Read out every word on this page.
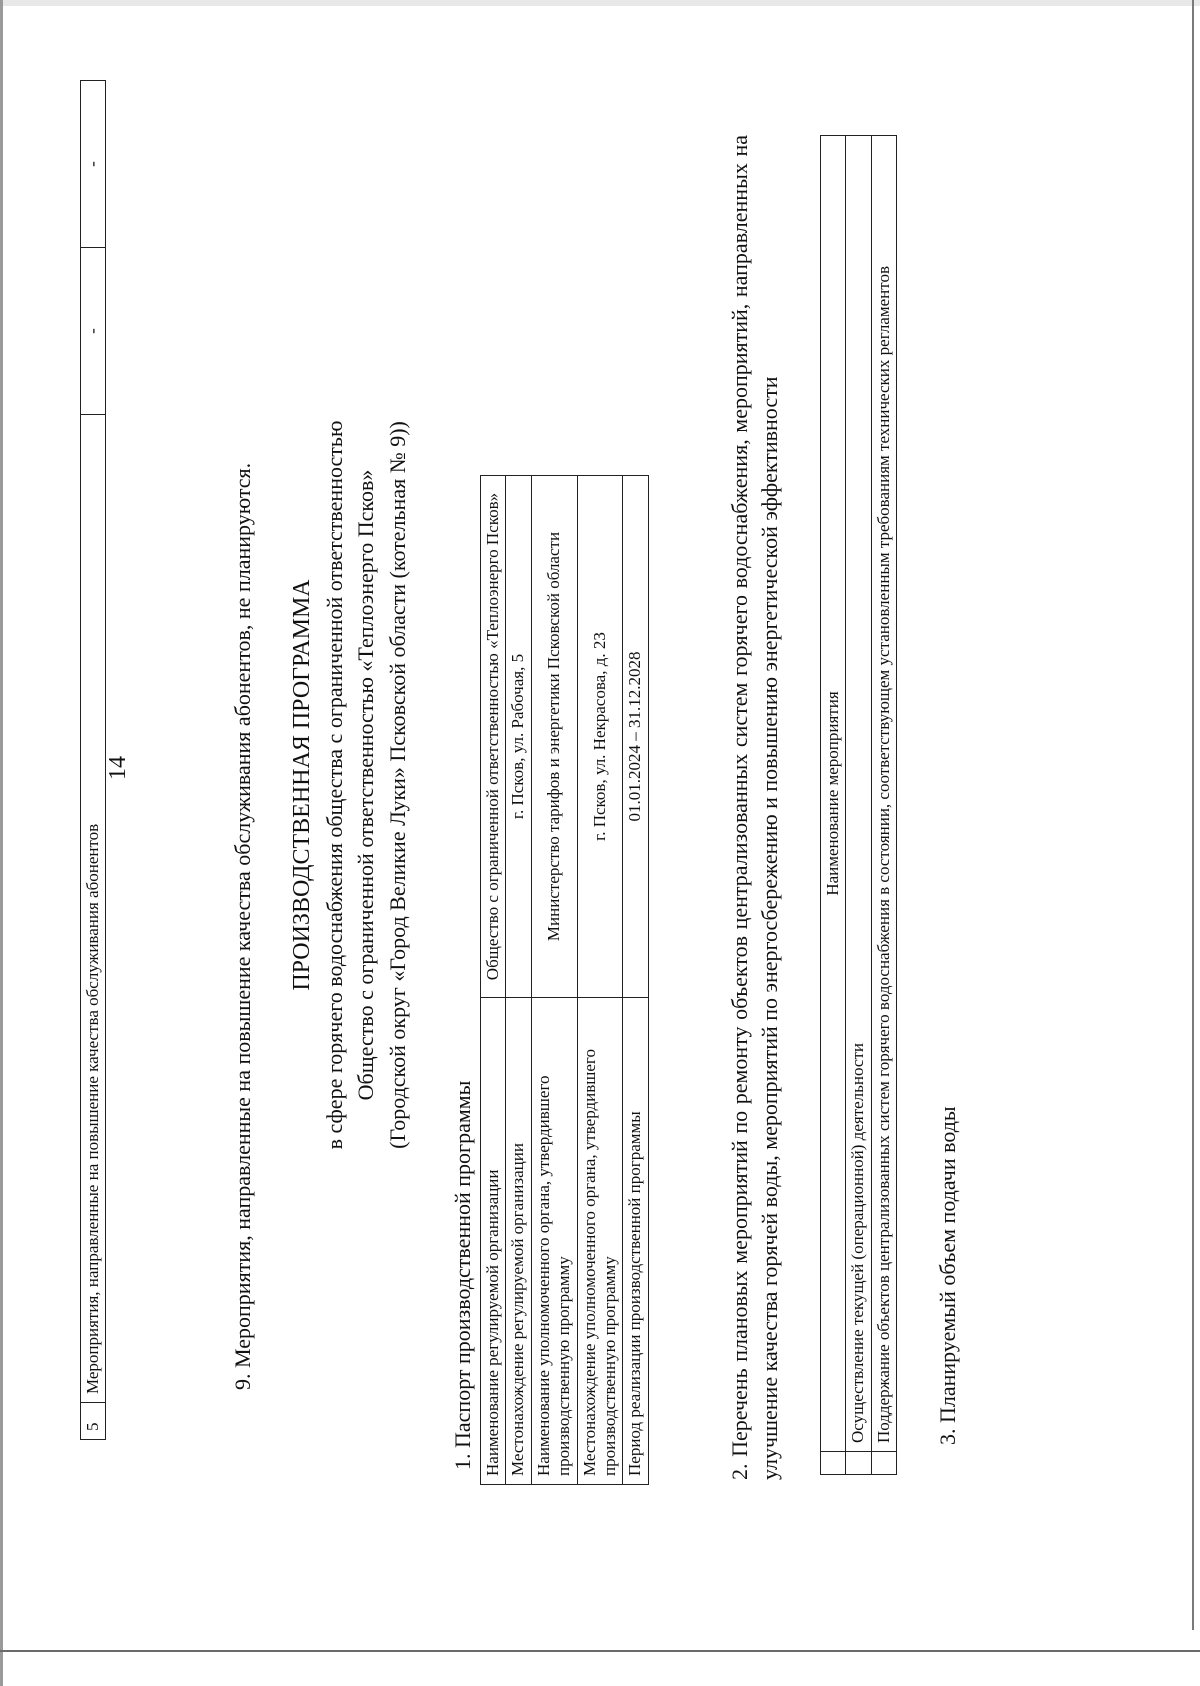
14
5	Мероприятия, направленные на повышение качества обслуживания абонентов	-	-
9. Мероприятия, направленные на повышение качества обслуживания абонентов, не планируются. ПРОИЗВОДСТВЕННАЯ ПРОГРАММА в сфере горячего водоснабжения общества с ограниченной ответственностью Общество с ограниченной ответственностью «Теплоэнерго Псков» (Городской округ «Город Великие Луки» Псковской области (котельная № 9))
1. Паспорт производственной программы Наименование регулируемой организации	Общество с ограниченной ответственностью «Теплоэнерго Псков»
Местонахождение регулируемой организации	г. Псков, ул. Рабочая, 5
Наименование уполномоченного органа, утвердившего производственную программу	Министерство тарифов и энергетики Псковской области
Местонахождение уполномоченного органа, утвердившего производственную программу	г. Псков, ул. Некрасова, д. 23
Период реализации производственной программы	01.01.2024 – 31.12.2028	2. Перечень плановых мероприятий по ремонту объектов централизованных систем горячего водоснабжения, мероприятий, направленных на улучшение качества горячей воды, мероприятий по энергосбережению и повышению энергетической эффективности
	Наименование мероприятия
	Осуществление текущей (операционной) деятельности
	Поддержание объектов централизованных систем горячего водоснабжения в состоянии, соответствующем установленным требованиям технических регламентов 3. Планируемый объем подачи воды
